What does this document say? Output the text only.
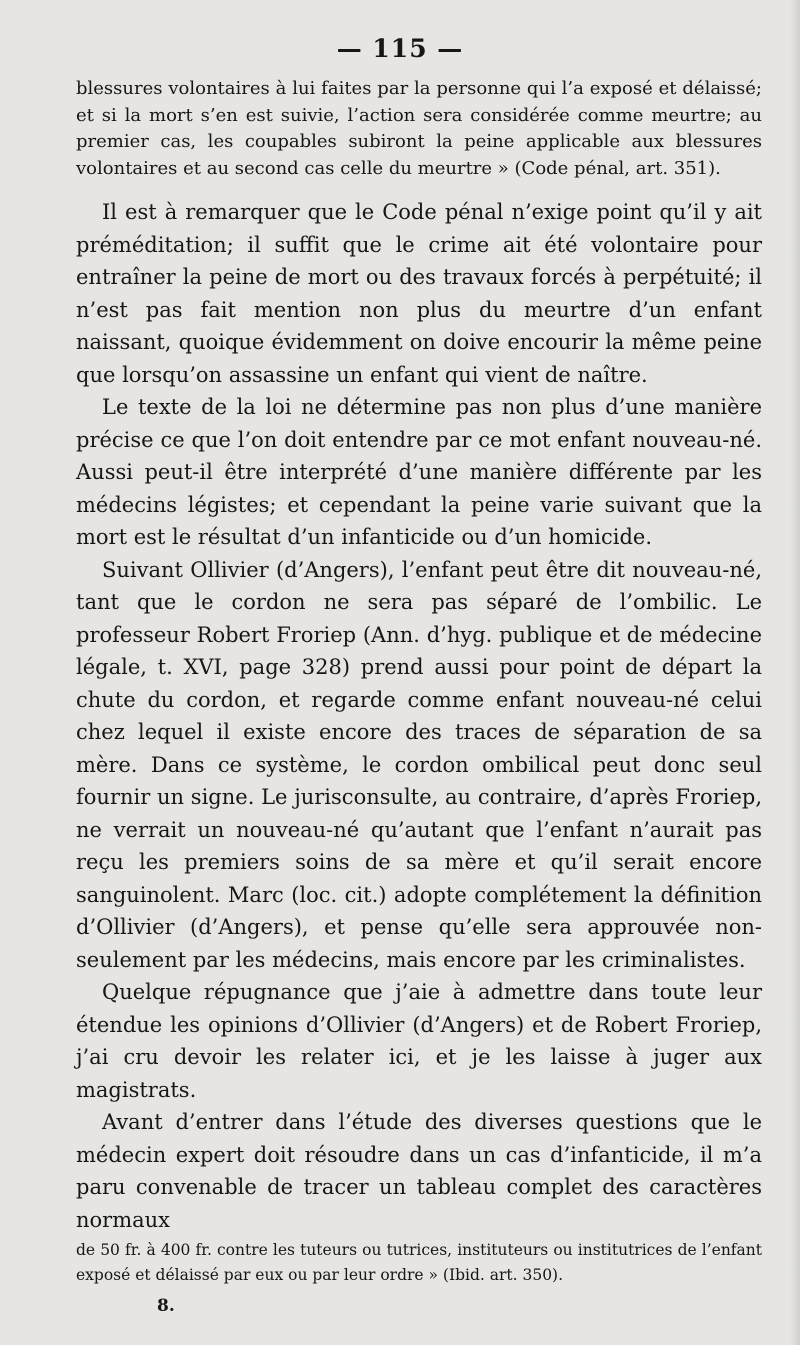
— 115 —

blessures volontaires à lui faites par la personne qui l’a exposé et délaissé; et si la mort s’en est suivie, l’action sera considérée comme meurtre; au premier cas, les coupables subiront la peine applicable aux blessures volontaires et au second cas celle du meurtre » (Code pénal, art. 351).

Il est à remarquer que le Code pénal n’exige point qu’il y ait préméditation; il suffit que le crime ait été volontaire pour entraîner la peine de mort ou des travaux forcés à perpétuité; il n’est pas fait mention non plus du meurtre d’un enfant naissant, quoique évidemment on doive encourir la même peine que lorsqu’on assassine un enfant qui vient de naître.

Le texte de la loi ne détermine pas non plus d’une manière précise ce que l’on doit entendre par ce mot enfant nouveau-né. Aussi peut-il être interprété d’une manière différente par les médecins légistes; et cependant la peine varie suivant que la mort est le résultat d’un infanticide ou d’un homicide.

Suivant Ollivier (d’Angers), l’enfant peut être dit nouveau-né, tant que le cordon ne sera pas séparé de l’ombilic. Le professeur Robert Froriep (Ann. d’hyg. publique et de médecine légale, t. XVI, page 328) prend aussi pour point de départ la chute du cordon, et regarde comme enfant nouveau-né celui chez lequel il existe encore des traces de séparation de sa mère. Dans ce système, le cordon ombilical peut donc seul fournir un signe. Le jurisconsulte, au contraire, d’après Froriep, ne verrait un nouveau-né qu’autant que l’enfant n’aurait pas reçu les premiers soins de sa mère et qu’il serait encore sanguinolent. Marc (loc. cit.) adopte complétement la définition d’Ollivier (d’Angers), et pense qu’elle sera approuvée non-seulement par les médecins, mais encore par les criminalistes.

Quelque répugnance que j’aie à admettre dans toute leur étendue les opinions d’Ollivier (d’Angers) et de Robert Froriep, j’ai cru devoir les relater ici, et je les laisse à juger aux magistrats.

Avant d’entrer dans l’étude des diverses questions que le médecin expert doit résoudre dans un cas d’infanticide, il m’a paru convenable de tracer un tableau complet des caractères normaux

de 50 fr. à 400 fr. contre les tuteurs ou tutrices, instituteurs ou institutrices de l’enfant exposé et délaissé par eux ou par leur ordre » (Ibid. art. 350).
8.
